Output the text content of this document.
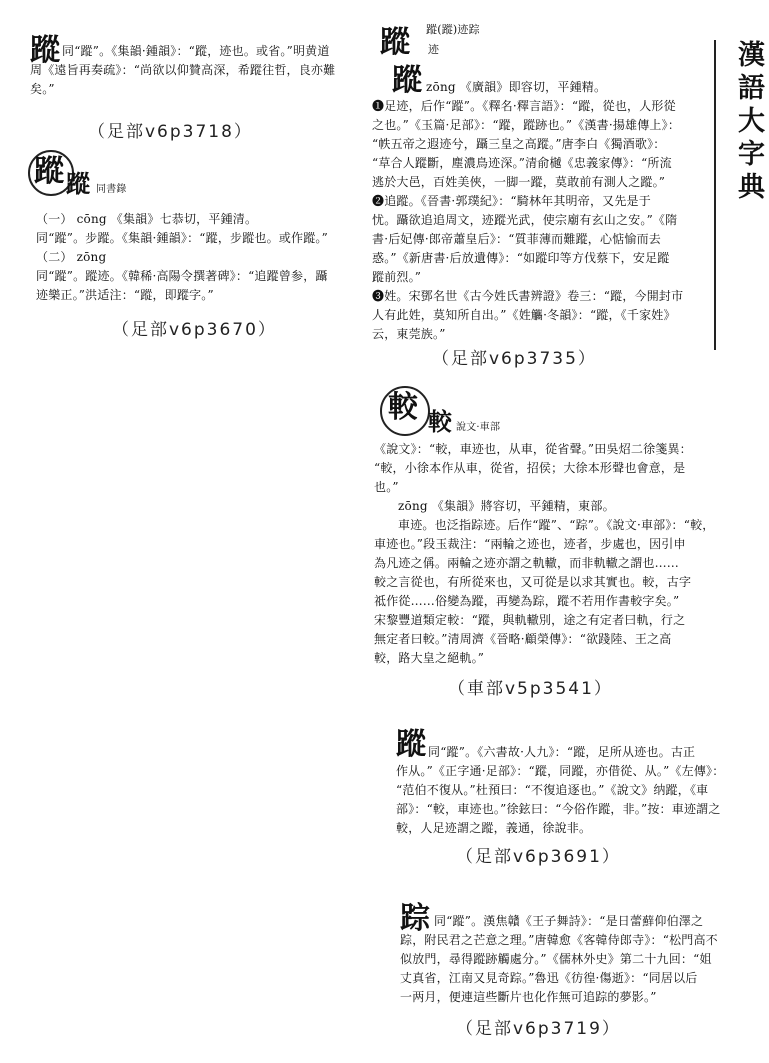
漢語大字典
蹤 同“蹤”。《集韻·鍾韻》：“蹤，迹也。或省。”明黄道
周《遠旨再奏疏》：“尚欲以仰贊高深，希蹤往哲，良亦難
矣。”
（足部v6p3718）
蹤 蹤 同書錄
（一） cōng 《集韻》七恭切，平鍾清。
同“蹤”。步蹤。《集韻·鍾韻》：“蹤，步蹤也。或作蹤。”
（二） zōng
同“蹤”。蹤迹。《韓稀·高陽令撰著碑》：“追蹤曾参，躡
迹樂正。”洪适注：“蹤，即蹤字。”
（足部v6p3670）
蹤 蹤(蹤)迹踪
迹
蹤 zōng 《廣韻》即容切，平鍾精。
❶足迹，后作“蹤”。《釋名·釋言語》：“蹤，從也，人形從
之也。”《玉篇·足部》：“蹤，蹤跡也。”《漢書·揚雄傳上》：
“帙五帝之遐迹兮，躡三皇之高蹤。”唐李白《獨酒歌》：
“草合人蹤斷，塵濃鳥迹深。”清俞樾《忠義家傳》：“所流
逃於大邑，百姓美俠，一脚一蹤，莫敢前有測人之蹤。”
❷追蹤。《晉書·郭璞紀》：“騎林年其明帝，又先是于
忧。躡欲追追周文，迹蹤光武，使宗廟有玄山之安。”《隋
書·后妃傳·郎帝蕭皇后》：“質菲薄而難蹤，心惦愉而去
惑。”《新唐書·后放遺傳》：“如蹤印等方伐蔡下，安足蹤
蹤前烈。”
❸姓。宋鄧名世《古今姓氏書辨證》卷三：“蹤，今開封市
人有此姓，莫知所自出。”《姓觿·冬韻》：“蹤，《千家姓》
云，東莞族。”
（足部v6p3735）
較 較 說文·車部
《說文》：“較，車迹也，从車，從省聲。”田吳炤二徐箋異：
“較，小徐本作从車，從省，招侯；大徐本形聲也會意，是
也。”
zōng 《集韻》將容切，平鍾精，東部。
車迹。也泛指踪迹。后作“蹤”、“踪”。《說文·車部》：“較，
車迹也。”段玉裁注：“兩輪之迹也，迹者，步處也，因引申
為凡迹之偁。兩輪之迹亦謂之軌轍，而非軌轍之謂也……
較之言從也，有所從來也，又可從是以求其實也。較，古字
祗作從……俗變為蹤，再變為踪，蹤不若用作書較字矣。”
宋黎豐道類定較：“蹤，與軌轍別，途之有定者曰軌，行之
無定者曰較。”清周濟《晉略·顧榮傳》：“欲踐陸、王之高
較，路大皇之絕軌。”
（車部v5p3541）
蹤 同“蹤”。《六書故·人九》：“蹤，足所从迹也。古正
作从。”《正字通·足部》：“蹤，同蹤，亦借從、从。”《左傳》：
“范伯不復从。”杜預曰：“不復追逐也。”《說文》纳蹤，《車
部》：“較，車迹也。”徐鉉曰：“今俗作蹤，非。”按：車迹謂之
較，人足迹謂之蹤，義通，徐說非。
（足部v6p3691）
踪 同“蹤”。漢焦贛《王子舞詩》：“是日蕾蘚仰伯澤之
踪，附民君之芒意之理。”唐韓愈《客韓侍郎寺》：“松門高不
似放門，尋得蹤跡觸處分。”《儒林外史》第二十九回：“姐
丈真省，江南又見奇踪。”魯迅《彷徨·傷逝》：“同居以后
一两月，便連這些斷片也化作無可追踪的夢影。”
（足部v6p3719）
